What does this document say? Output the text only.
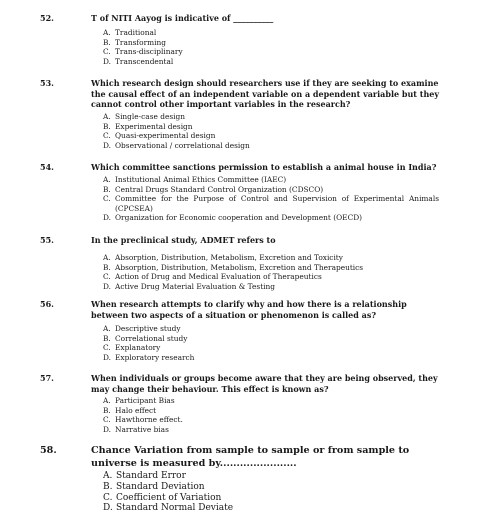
52.	T of NITI Aayog is indicative of __________
A. Traditional
B. Transforming
C. Trans-disciplinary
D. Transcendental
53.	Which research design should researchers use if they are seeking to examine the causal effect of an independent variable on a dependent variable but they cannot control other important variables in the research?
A. Single-case design
B. Experimental design
C. Quasi-experimental design
D. Observational / correlational design
54.	Which committee sanctions permission to establish a animal house in India?
A. Institutional Animal Ethics Committee (IAEC)
B. Central Drugs Standard Control Organization (CDSCO)
C. Committee for the Purpose of Control and Supervision of Experimental Animals (CPCSEA)
D. Organization for Economic cooperation and Development (OECD)
55.	In the preclinical study, ADMET refers to
A. Absorption, Distribution, Metabolism, Excretion and Toxicity
B. Absorption, Distribution, Metabolism, Excretion and Therapeutics
C. Action of Drug and Medical Evaluation of Therapeutics
D. Active Drug Material Evaluation & Testing
56.	When research attempts to clarify why and how there is a relationship between two aspects of a situation or phenomenon is called as?
A. Descriptive study
B. Correlational study
C. Explanatory
D. Exploratory research
57.	When individuals or groups become aware that they are being observed, they may change their behaviour. This effect is known as?
A. Participant Bias
B. Halo effect
C. Hawthorne effect.
D. Narrative bias
58.	Chance Variation from sample to sample or from sample to universe is measured by.......................
A. Standard Error
B. Standard Deviation
C. Coefficient of Variation
D. Standard Normal Deviate
